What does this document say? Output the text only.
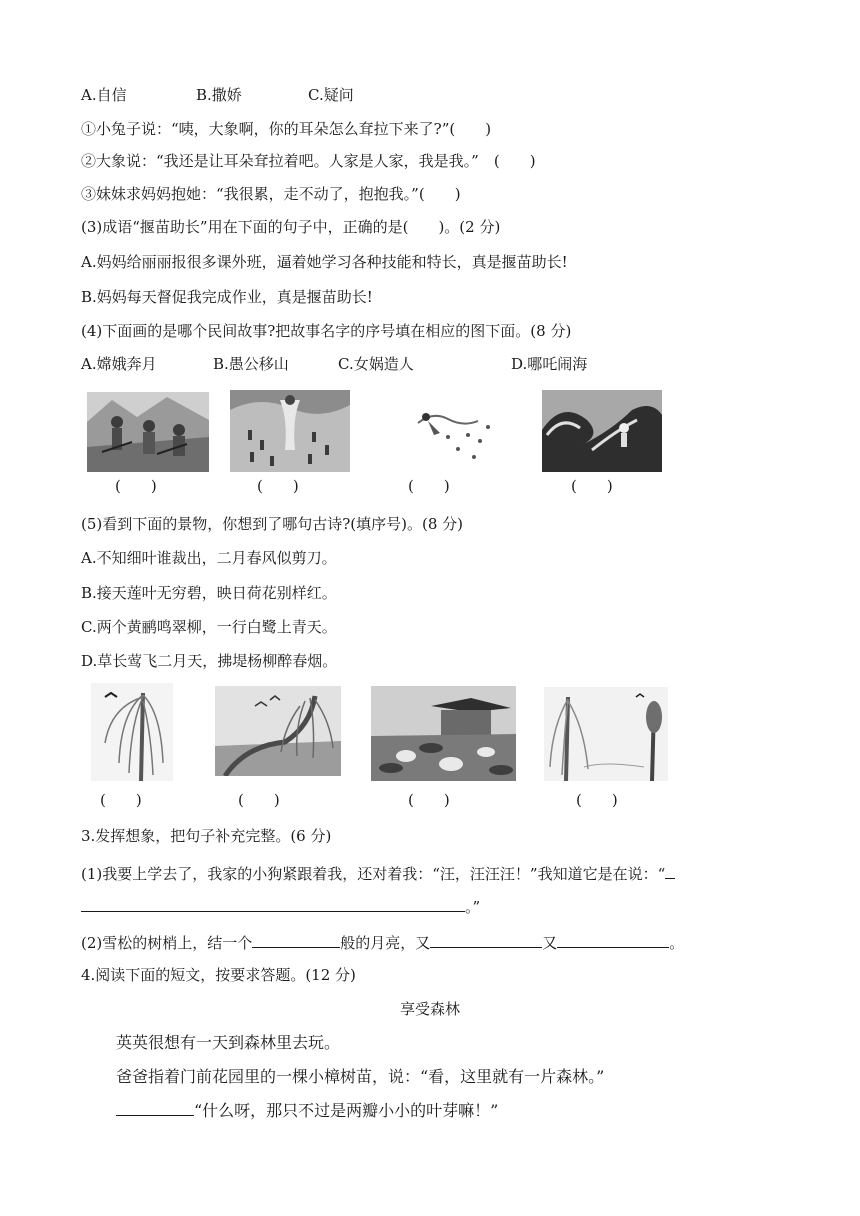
A.自信	B.撒娇	C.疑问
①小兔子说：“咦，大象啊，你的耳朵怎么耷拉下来了?”(　　)
②大象说：“我还是让耳朵耷拉着吧。人家是人家，我是我。”　(　　)
③妹妹求妈妈抱她：“我很累，走不动了，抱抱我。”(　　)
(3)成语“揠苗助长”用在下面的句子中，正确的是(　　)。(2 分)
A.妈妈给丽丽报很多课外班，逼着她学习各种技能和特长，真是揠苗助长!
B.妈妈每天督促我完成作业，真是揠苗助长!
(4)下面画的是哪个民间故事?把故事名字的序号填在相应的图下面。(8 分)
A.嫦娥奔月	B.愚公移山	C.女娲造人	D.哪吒闹海
(　　)	(　　)	(　　)	(　　)
(5)看到下面的景物，你想到了哪句古诗?(填序号)。(8 分)
A.不知细叶谁裁出，二月春风似剪刀。
B.接天莲叶无穷碧，映日荷花别样红。
C.两个黄鹂鸣翠柳，一行白鹭上青天。
D.草长莺飞二月天，拂堤杨柳醉春烟。
(　　)	(　　)	(　　)	(　　)
3.发挥想象，把句子补充完整。(6 分)
(1)我要上学去了，我家的小狗紧跟着我，还对着我：“汪，汪汪汪！”我知道它是在说：“
。”
(2)雪松的树梢上，结一个	般的月亮，又	又	。
4.阅读下面的短文，按要求答题。(12 分)
享受森林
英英很想有一天到森林里去玩。
爸爸指着门前花园里的一棵小樟树苗，说：“看，这里就有一片森林。”
“什么呀，那只不过是两瓣小小的叶芽嘛！”
